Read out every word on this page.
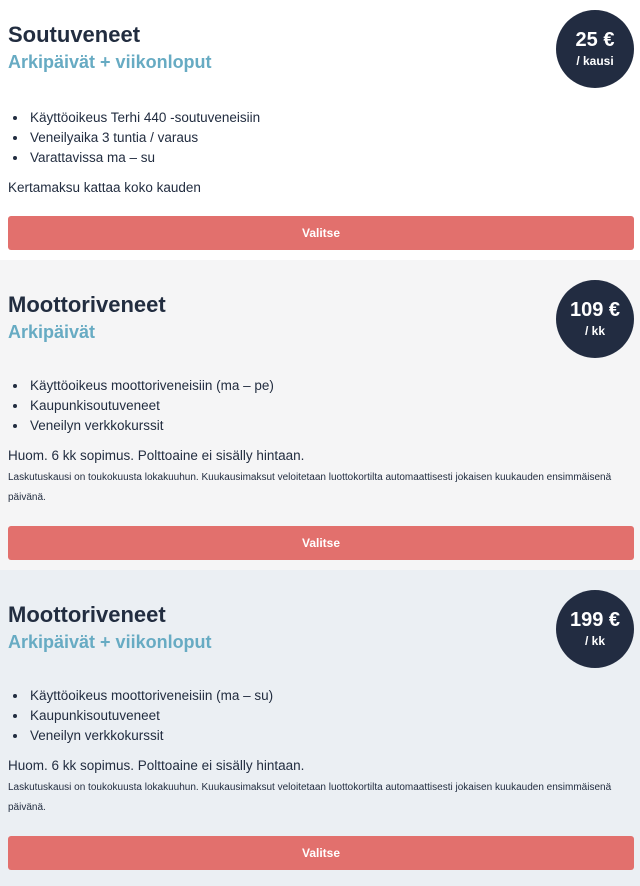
Soutuveneet
Arkipäivät + viikonloput
25 €
/ kausi
• Käyttöoikeus Terhi 440 -soutuveneisiin
• Veneilyaika 3 tuntia / varaus
• Varattavissa ma – su

Kertamaksu kattaa koko kauden

Valitse
Moottoriveneet
Arkipäivät
109 €
/ kk
• Käyttöoikeus moottoriveneisiin (ma – pe)
• Kaupunkisoutuveneet
• Veneilyn verkkokurssit

Huom. 6 kk sopimus. Polttoaine ei sisälly hintaan.

Laskutuskausi on toukokuusta lokakuuhun. Kuukausimaksut veloitetaan luottokortilta automaattisesti jokaisen kuukauden ensimmäisenä päivänä.

Valitse
Moottoriveneet
Arkipäivät + viikonloput
199 €
/ kk
• Käyttöoikeus moottoriveneisiin (ma – su)
• Kaupunkisoutuveneet
• Veneilyn verkkokurssit

Huom. 6 kk sopimus. Polttoaine ei sisälly hintaan.

Laskutuskausi on toukokuusta lokakuuhun. Kuukausimaksut veloitetaan luottokortilta automaattisesti jokaisen kuukauden ensimmäisenä päivänä.

Valitse
